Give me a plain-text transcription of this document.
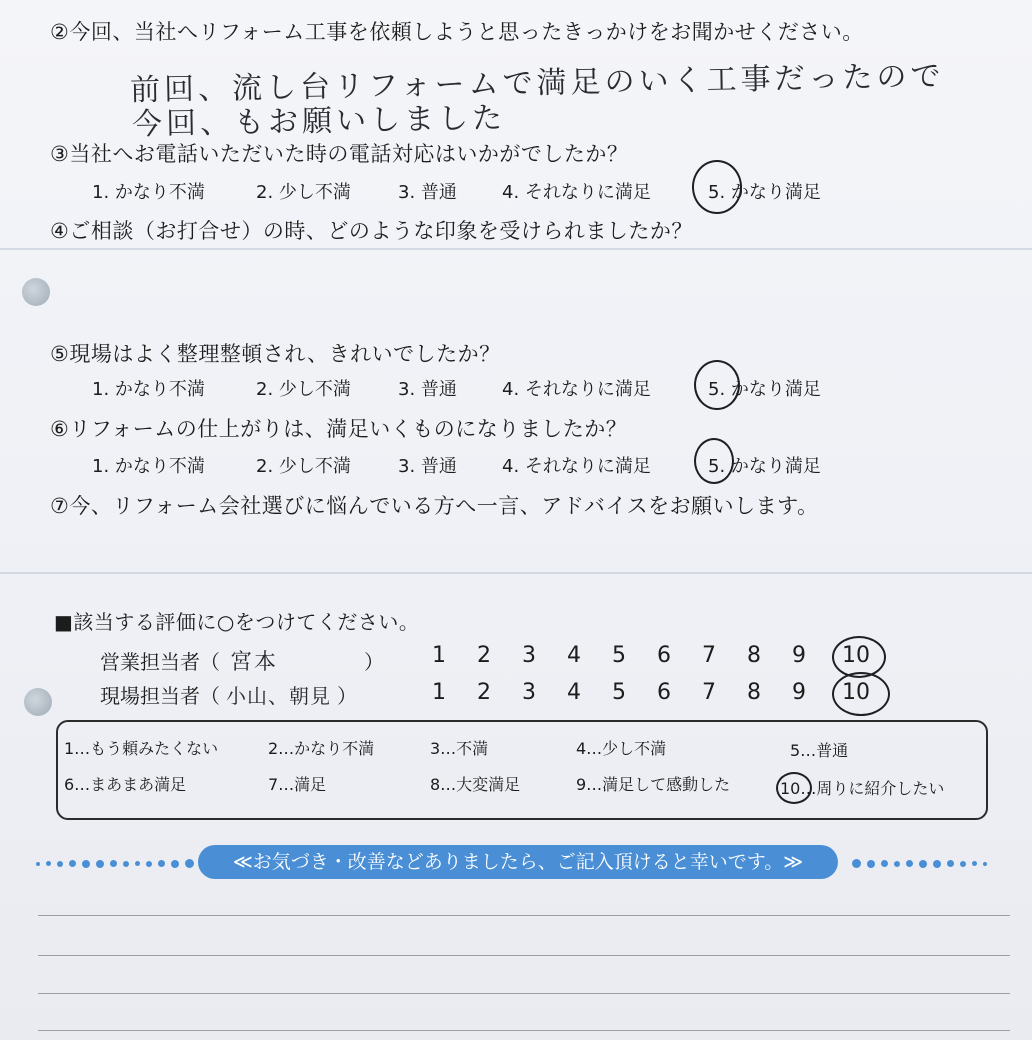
②今回、当社へリフォーム工事を依頼しようと思ったきっかけをお聞かせください。
前回、流し台リフォームで満足のいく工事だったので
今回、もお願いしました
③当社へお電話いただいた時の電話対応はいかがでしたか？
1. かなり不満	2. 少し不満	3. 普通	4. それなりに満足	5. かなり満足
④ご相談（お打合せ）の時、どのような印象を受けられましたか？
⑤現場はよく整理整頓され、きれいでしたか？
1. かなり不満	2. 少し不満	3. 普通	4. それなりに満足	5. かなり満足
⑥リフォームの仕上がりは、満足いくものになりましたか？
1. かなり不満	2. 少し不満	3. 普通	4. それなりに満足	5. かなり満足
⑦今、リフォーム会社選びに悩んでいる方へ一言、アドバイスをお願いします。
■該当する評価に○をつけてください。
営業担当者（ 宮本	） 1 2 3 4 5 6 7 8 9 10
現場担当者（ 小山、朝見 ）	1 2 3 4 5 6 7 8 9 10
1…もう頼みたくない	2…かなり不満	3…不満	4…少し不満	5…普通
6…まあまあ満足	7…満足	8…大変満足	9…満足して感動した	10…周りに紹介したい
≪お気づき・改善などありましたら、ご記入頂けると幸いです。≫
